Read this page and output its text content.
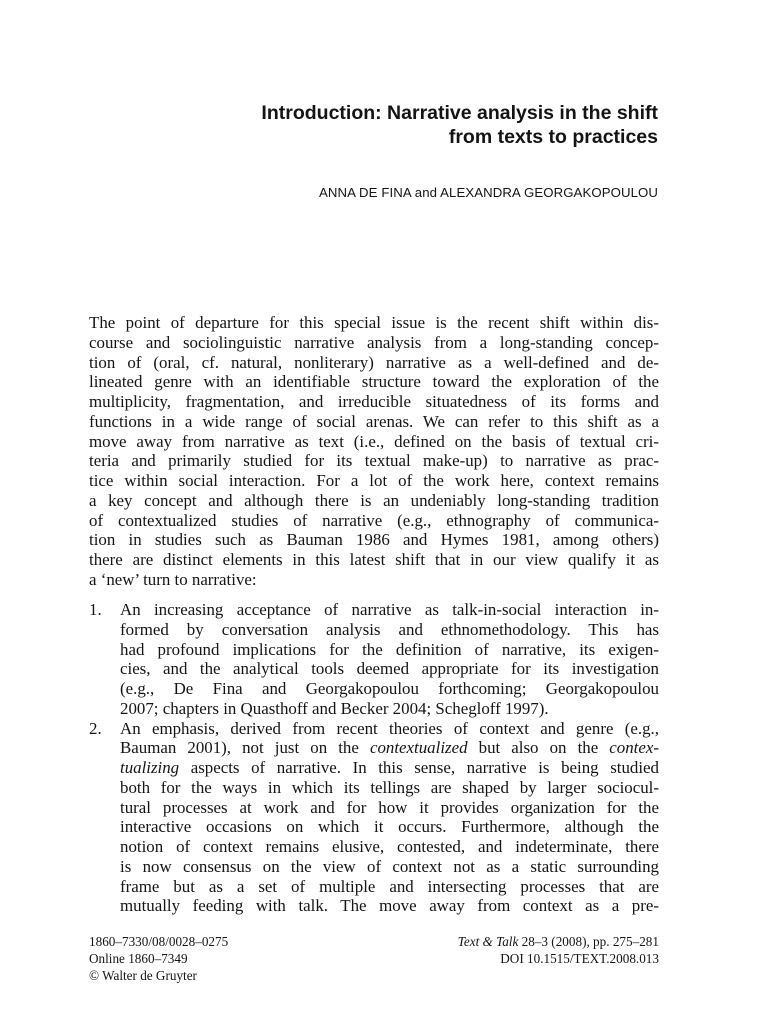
Introduction: Narrative analysis in the shift
from texts to practices
ANNA DE FINA and ALEXANDRA GEORGAKOPOULOU
The point of departure for this special issue is the recent shift within dis-
course and sociolinguistic narrative analysis from a long-standing concep-
tion of (oral, cf. natural, nonliterary) narrative as a well-defined and de-
lineated genre with an identifiable structure toward the exploration of the
multiplicity, fragmentation, and irreducible situatedness of its forms and
functions in a wide range of social arenas. We can refer to this shift as a
move away from narrative as text (i.e., defined on the basis of textual cri-
teria and primarily studied for its textual make-up) to narrative as prac-
tice within social interaction. For a lot of the work here, context remains
a key concept and although there is an undeniably long-standing tradition
of contextualized studies of narrative (e.g., ethnography of communica-
tion in studies such as Bauman 1986 and Hymes 1981, among others)
there are distinct elements in this latest shift that in our view qualify it as
a ‘new’ turn to narrative:
1. An increasing acceptance of narrative as talk-in-social interaction in-
formed by conversation analysis and ethnomethodology. This has
had profound implications for the definition of narrative, its exigen-
cies, and the analytical tools deemed appropriate for its investigation
(e.g., De Fina and Georgakopoulou forthcoming; Georgakopoulou
2007; chapters in Quasthoff and Becker 2004; Schegloff 1997).
2. An emphasis, derived from recent theories of context and genre (e.g.,
Bauman 2001), not just on the contextualized but also on the contex-
tualizing aspects of narrative. In this sense, narrative is being studied
both for the ways in which its tellings are shaped by larger sociocul-
tural processes at work and for how it provides organization for the
interactive occasions on which it occurs. Furthermore, although the
notion of context remains elusive, contested, and indeterminate, there
is now consensus on the view of context not as a static surrounding
frame but as a set of multiple and intersecting processes that are
mutually feeding with talk. The move away from context as a pre-
1860–7330/08/0028–0275
Online 1860–7349
© Walter de Gruyter
Text & Talk 28–3 (2008), pp. 275–281
DOI 10.1515/TEXT.2008.013
